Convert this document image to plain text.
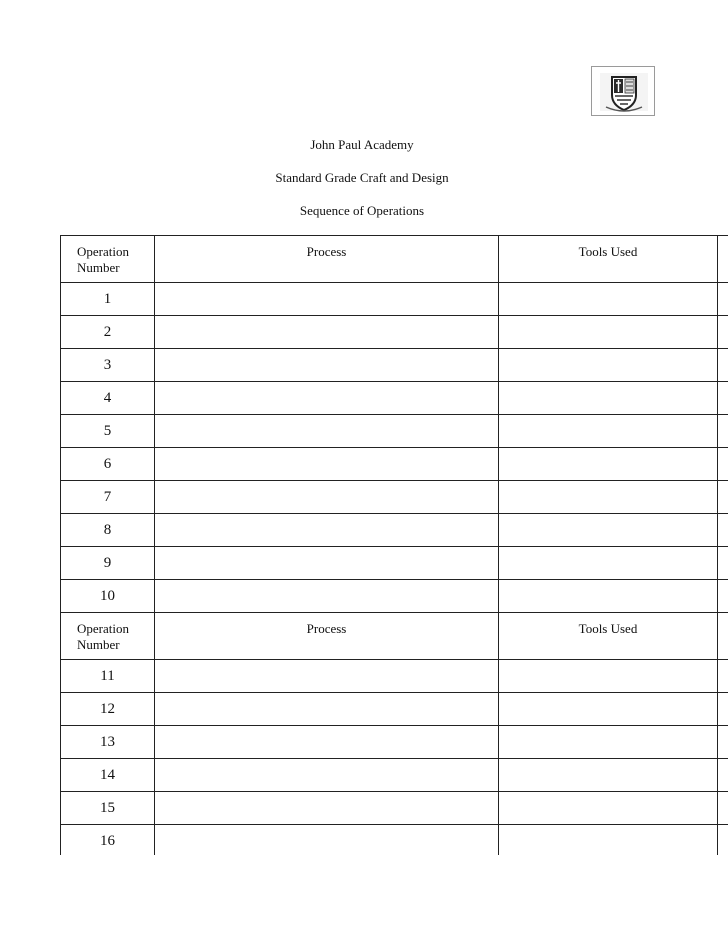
John Paul Academy
Standard Grade Craft and Design
Sequence of Operations
Operation Number	Process	Tools Used	
1			
2			
3			
4			
5			
6			
7			
8			
9			
10			
Operation Number	Process	Tools Used	
11			
12			
13			
14			
15			
16			
